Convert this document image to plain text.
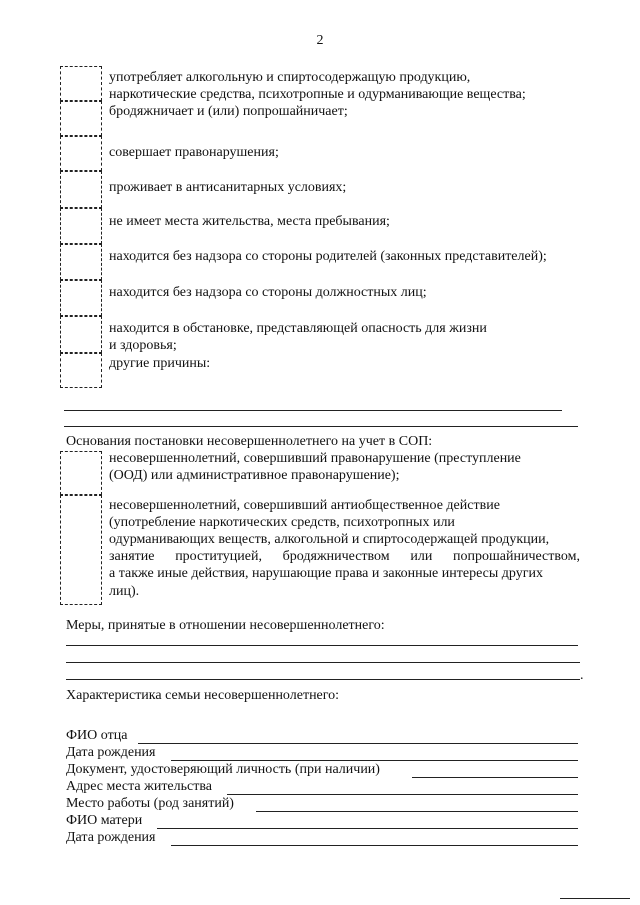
2
употребляет алкогольную и спиртосодержащую продукцию,
наркотические средства, психотропные и одурманивающие вещества;
бродяжничает и (или) попрошайничает;
совершает правонарушения;
проживает в антисанитарных условиях;
не имеет места жительства, места пребывания;
находится без надзора со стороны родителей (законных представителей);
находится без надзора со стороны должностных лиц;
находится в обстановке, представляющей опасность для жизни
и здоровья;
другие причины:
Основания постановки несовершеннолетнего на учет в СОП:
несовершеннолетний, совершивший правонарушение (преступление
(ООД) или административное правонарушение);
несовершеннолетний, совершивший антиобщественное действие
(употребление наркотических средств, психотропных или
одурманивающих веществ, алкогольной и спиртосодержащей продукции,
занятие проституцией, бродяжничеством или попрошайничеством,
а также иные действия, нарушающие права и законные интересы других
лиц).
Меры, принятые в отношении несовершеннолетнего:
.
Характеристика семьи несовершеннолетнего:
ФИО отца
Дата рождения
Документ, удостоверяющий личность (при наличии)
Адрес места жительства
Место работы (род занятий)
ФИО матери
Дата рождения
